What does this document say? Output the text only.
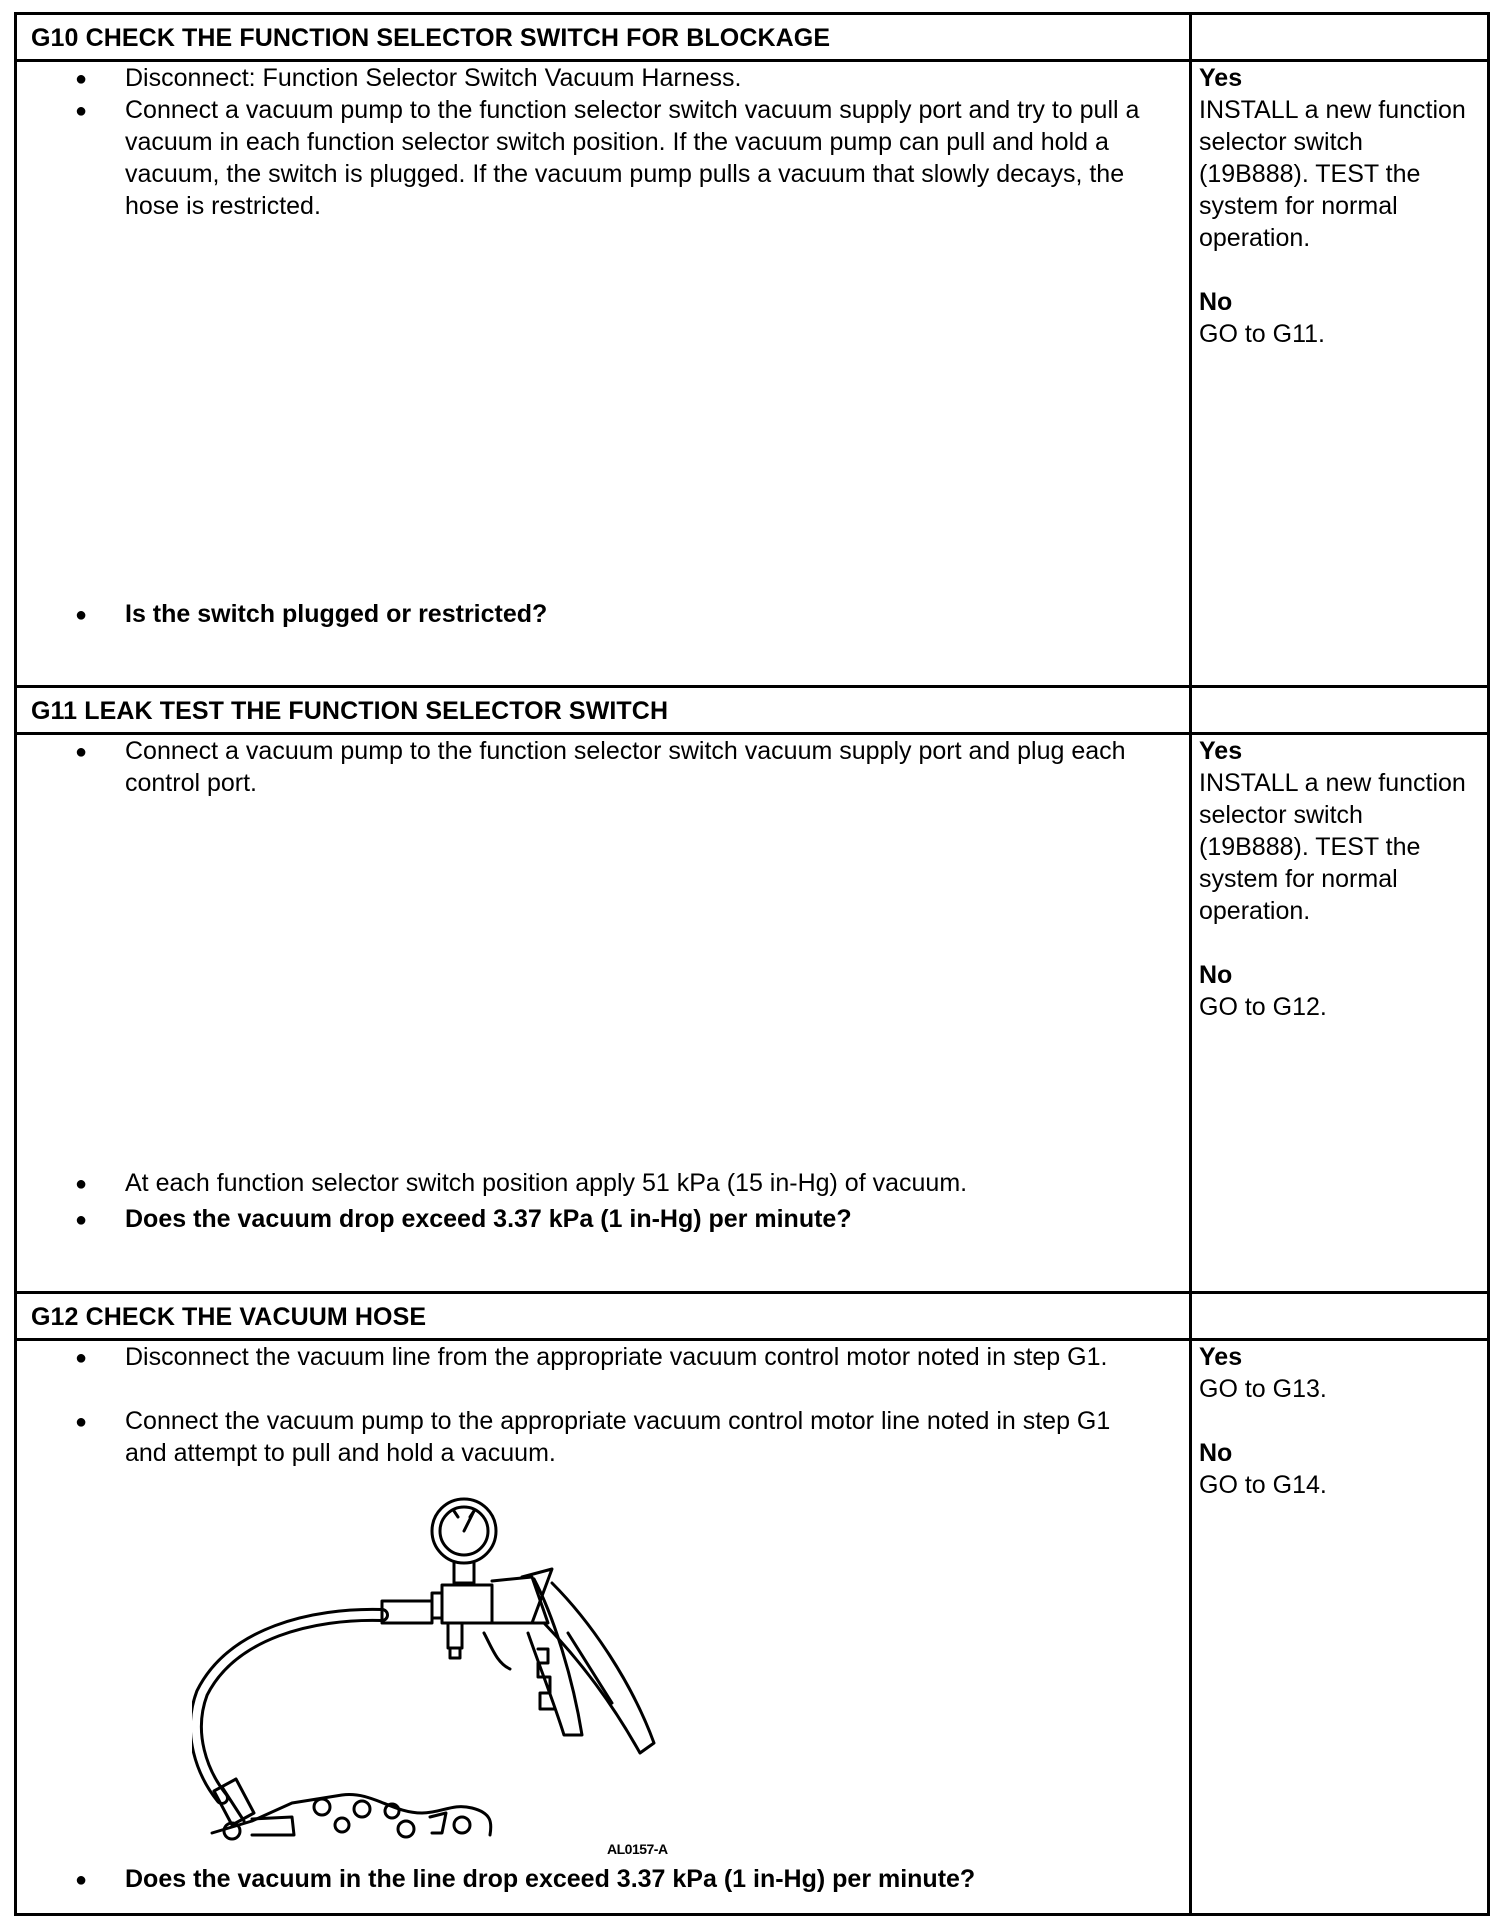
G10 CHECK THE FUNCTION SELECTOR SWITCH FOR BLOCKAGE
● Disconnect: Function Selector Switch Vacuum Harness.
● Connect a vacuum pump to the function selector switch vacuum supply port and try to pull a vacuum in each function selector switch position. If the vacuum pump can pull and hold a vacuum, the switch is plugged. If the vacuum pump pulls a vacuum that slowly decays, the hose is restricted.
● Is the switch plugged or restricted?
Yes
INSTALL a new function selector switch (19B888). TEST the system for normal operation.
No
GO to G11.
G11 LEAK TEST THE FUNCTION SELECTOR SWITCH
● Connect a vacuum pump to the function selector switch vacuum supply port and plug each control port.
● At each function selector switch position apply 51 kPa (15 in-Hg) of vacuum.
● Does the vacuum drop exceed 3.37 kPa (1 in-Hg) per minute?
Yes
INSTALL a new function selector switch (19B888). TEST the system for normal operation.
No
GO to G12.
G12 CHECK THE VACUUM HOSE
● Disconnect the vacuum line from the appropriate vacuum control motor noted in step G1.
● Connect the vacuum pump to the appropriate vacuum control motor line noted in step G1 and attempt to pull and hold a vacuum.
AL0157-A
● Does the vacuum in the line drop exceed 3.37 kPa (1 in-Hg) per minute?
Yes
GO to G13.
No
GO to G14.
